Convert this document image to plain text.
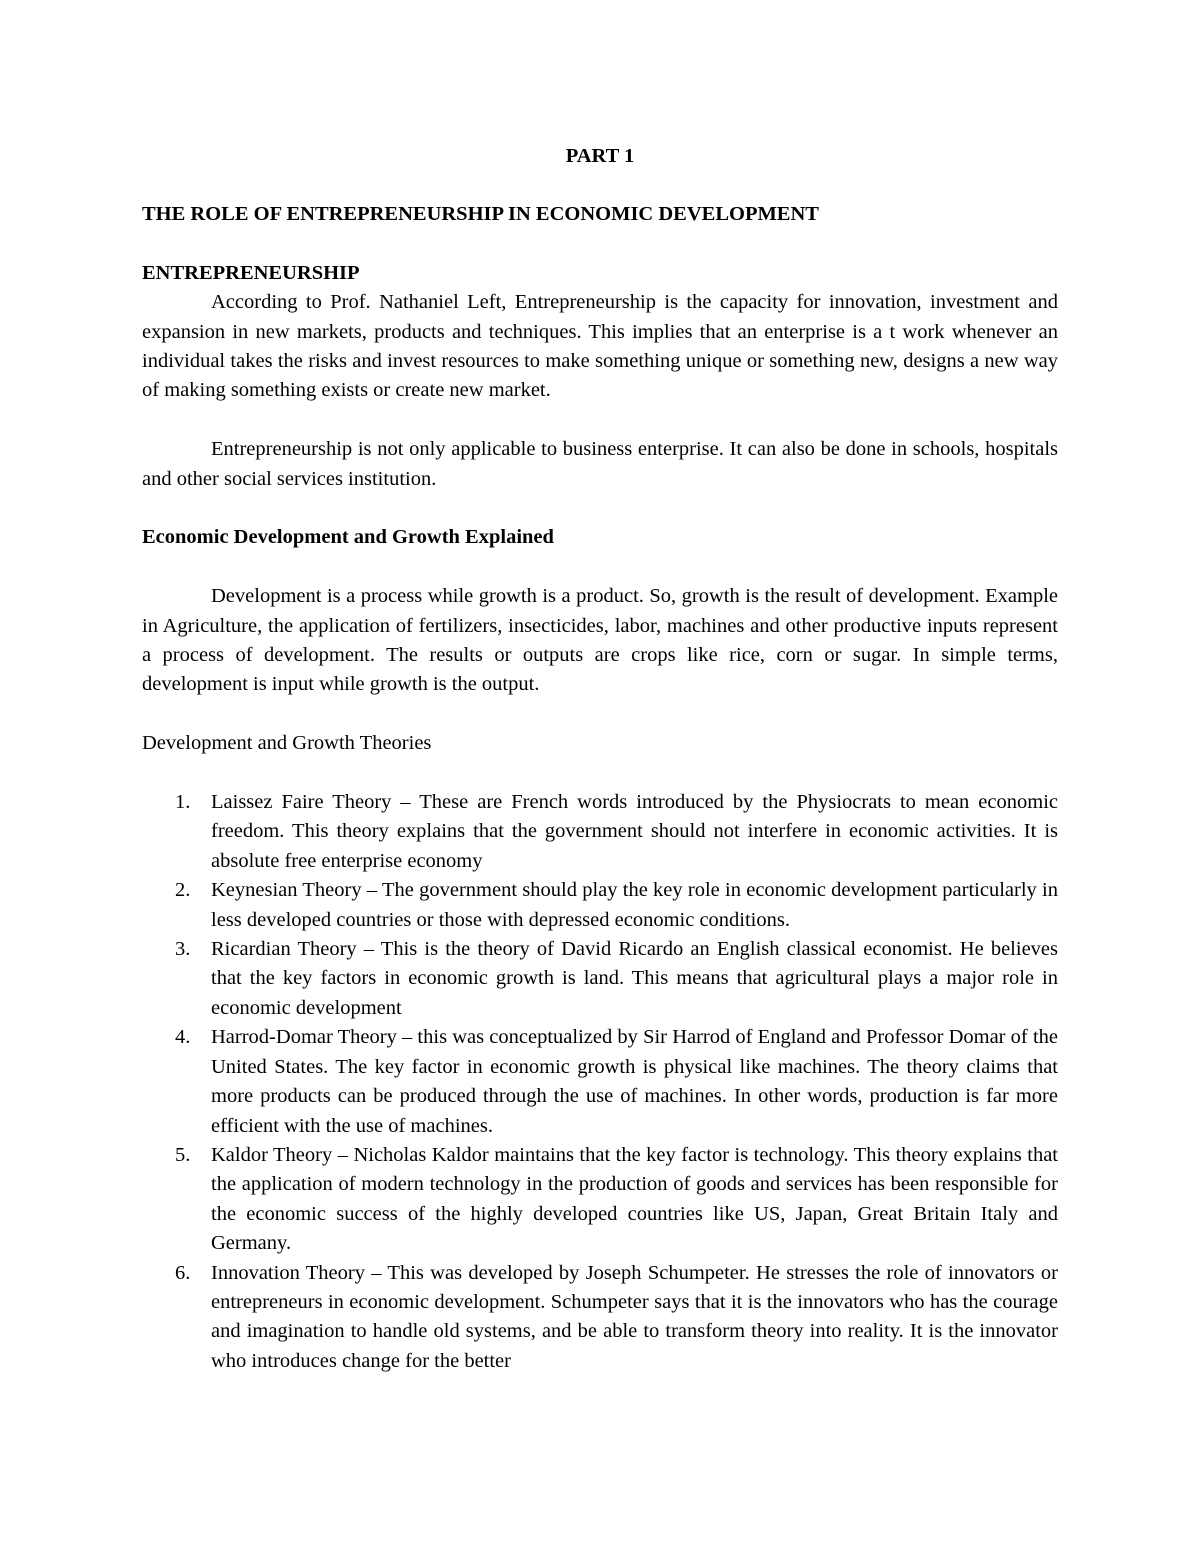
PART 1

THE ROLE OF ENTREPRENEURSHIP IN ECONOMIC DEVELOPMENT

ENTREPRENEURSHIP

According to Prof. Nathaniel Left, Entrepreneurship is the capacity for innovation, investment and expansion in new markets, products and techniques. This implies that an enterprise is a t work whenever an individual takes the risks and invest resources to make something unique or something new, designs a new way of making something exists or create new market.

Entrepreneurship is not only applicable to business enterprise. It can also be done in schools, hospitals and other social services institution.

Economic Development and Growth Explained

Development is a process while growth is a product. So, growth is the result of development. Example in Agriculture, the application of fertilizers, insecticides, labor, machines and other productive inputs represent a process of development. The results or outputs are crops like rice, corn or sugar. In simple terms, development is input while growth is the output.

Development and Growth Theories

1. Laissez Faire Theory – These are French words introduced by the Physiocrats to mean economic freedom. This theory explains that the government should not interfere in economic activities. It is absolute free enterprise economy
2. Keynesian Theory – The government should play the key role in economic development particularly in less developed countries or those with depressed economic conditions.
3. Ricardian Theory – This is the theory of David Ricardo an English classical economist. He believes that the key factors in economic growth is land. This means that agricultural plays a major role in economic development
4. Harrod-Domar Theory – this was conceptualized by Sir Harrod of England and Professor Domar of the United States. The key factor in economic growth is physical like machines. The theory claims that more products can be produced through the use of machines. In other words, production is far more efficient with the use of machines.
5. Kaldor Theory – Nicholas Kaldor maintains that the key factor is technology. This theory explains that the application of modern technology in the production of goods and services has been responsible for the economic success of the highly developed countries like US, Japan, Great Britain Italy and Germany.
6. Innovation Theory – This was developed by Joseph Schumpeter. He stresses the role of innovators or entrepreneurs in economic development. Schumpeter says that it is the innovators who has the courage and imagination to handle old systems, and be able to transform theory into reality. It is the innovator who introduces change for the better
